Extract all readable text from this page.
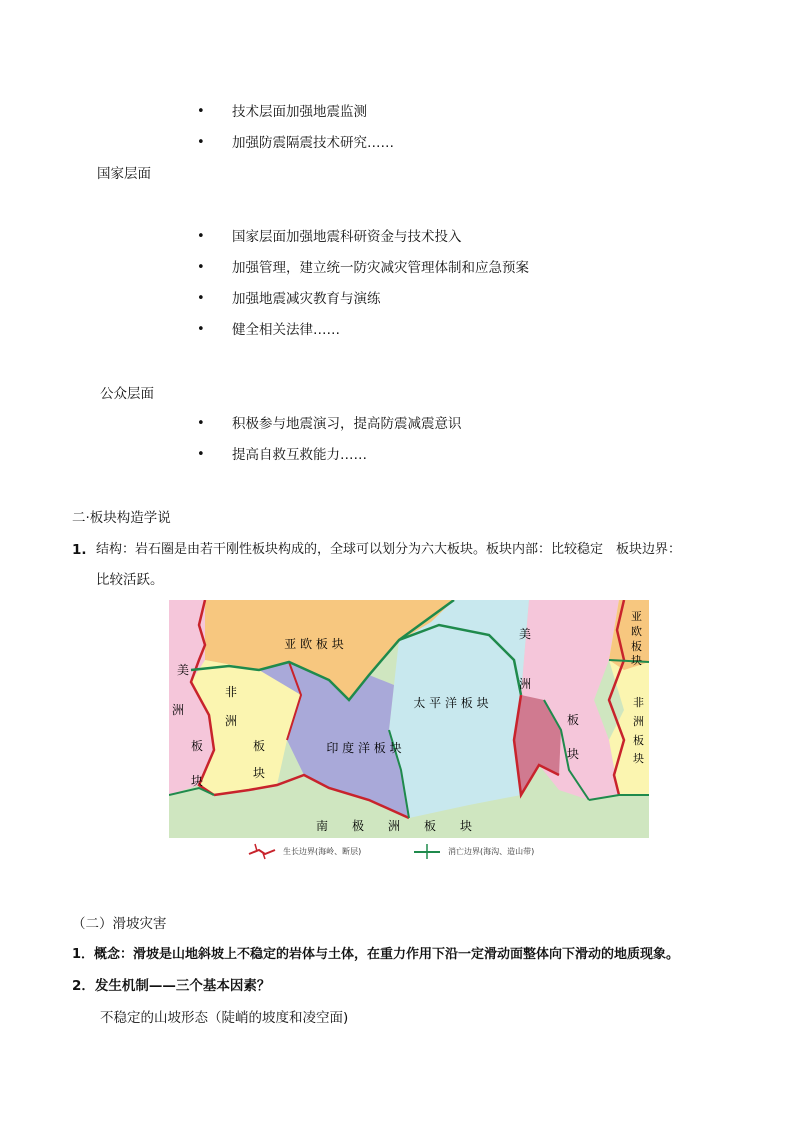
• 技术层面加强地震监测
• 加强防震隔震技术研究……
国家层面
• 国家层面加强地震科研资金与技术投入
• 加强管理，建立统一防灾减灾管理体制和应急预案
• 加强地震减灾教育与演练
• 健全相关法律……
公众层面
• 积极参与地震演习，提高防震减震意识
• 提高自救互救能力……
二·板块构造学说
1. 结构：岩石圈是由若干刚性板块构成的，全球可以划分为六大板块。板块内部：比较稳定　板块边界：
比较活跃。
亚 欧 板 块
美
洲
板
块
非
洲
板
块
太 平 洋 板 块
印 度 洋 板 块
美
洲
板
块
亚
欧
板
块
非
洲
板
块
南　　极　　洲　　板　　块
生长边界(海岭、断层)	消亡边界(海沟、造山带)
（二）滑坡灾害
1．概念：滑坡是山地斜坡上不稳定的岩体与土体，在重力作用下沿一定滑动面整体向下滑动的地质现象。
2．发生机制——三个基本因素？
不稳定的山坡形态（陡峭的坡度和凌空面)
